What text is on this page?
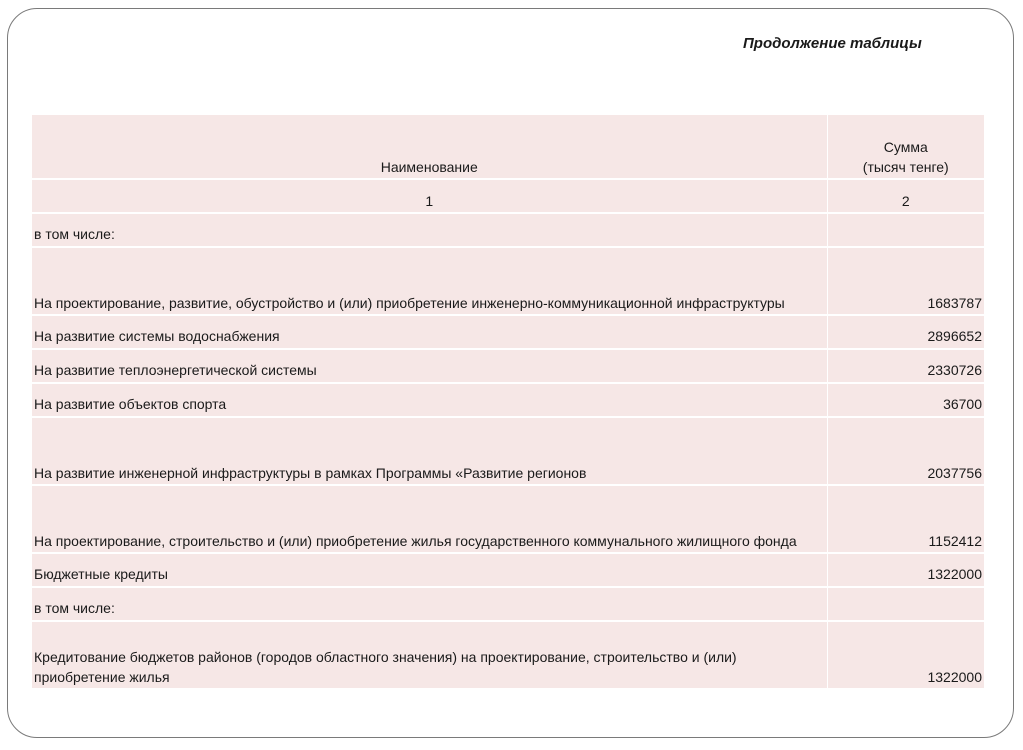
Продолжение таблицы
Наименование	Сумма
(тысяч тенге)

1	2
в том числе:	
На проектирование, развитие, обустройство и (или) приобретение инженерно-коммуникационной инфраструктуры	1683787
На развитие системы водоснабжения	2896652
На развитие теплоэнергетической системы	2330726
На развитие объектов спорта	36700
На развитие инженерной инфраструктуры в рамках Программы «Развитие регионов	2037756
На проектирование, строительство и (или) приобретение жилья государственного коммунального жилищного фонда	1152412
Бюджетные кредиты	1322000
в том числе:	
Кредитование бюджетов районов (городов областного значения) на проектирование, строительство и (или) приобретение жилья	1322000
